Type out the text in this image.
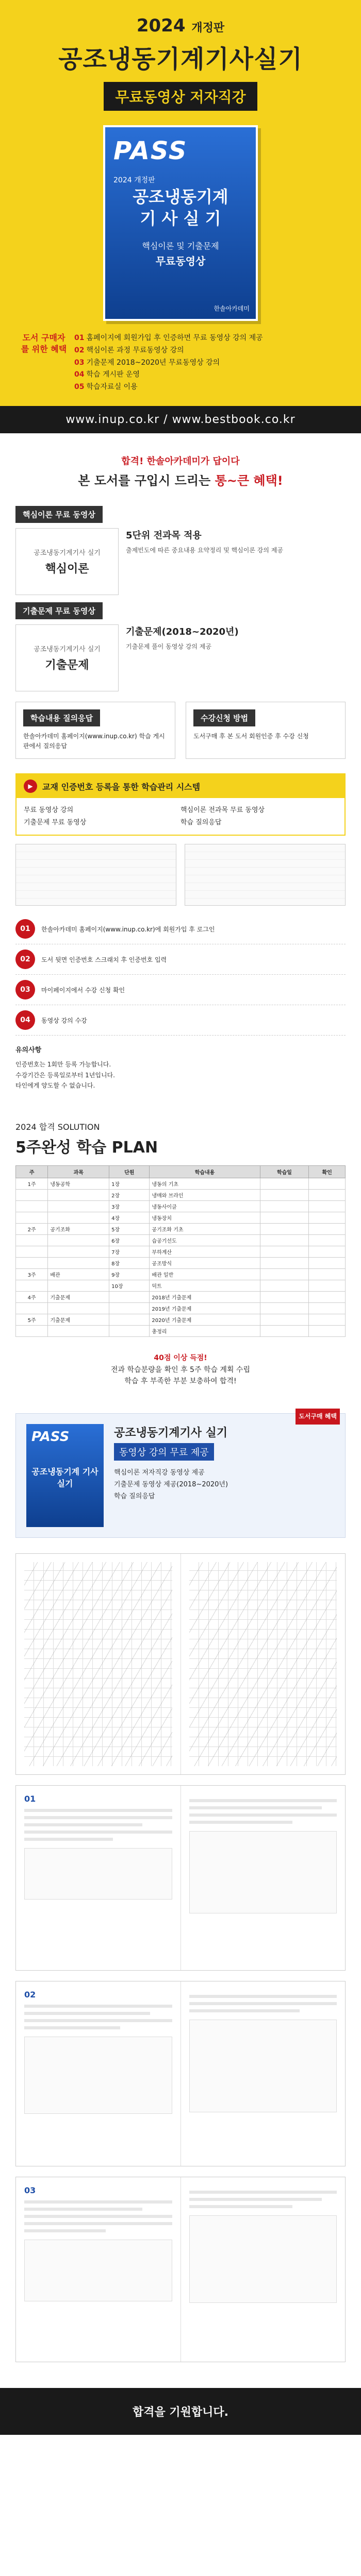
2024 개정판
공조냉동기계기사실기
무료동영상 저자직강
PASS
2024 개정판
공조냉동기계
기 사 실 기
핵심이론 및 기출문제
무료동영상
한솔아카데미
도서 구매자를 위한 혜택
01 홈페이지에 회원가입 후 인증하면 무료 동영상 강의 제공
02 핵심이론 과정 무료동영상 강의
03 기출문제 2018~2020년 무료동영상 강의
04 학습 게시판 운영
05 학습자료실 이용
www.inup.co.kr / www.bestbook.co.kr
합격! 한솔아카데미가 답이다
본 도서를 구입시 드리는 통~큰 혜택!
핵심이론 무료 동영상
공조냉동기계기사 실기
핵심이론
5단위 전과목 적용

출제빈도에 따른 중요내용 요약정리 및 핵심이론 강의 제공

기출문제 무료 동영상
공조냉동기계기사 실기
기출문제
기출문제(2018~2020년)

기출문제 풀이 동영상 강의 제공

학습내용 질의응답

한솔아카데미 홈페이지(www.inup.co.kr) 학습 게시판에서 질의응답

수강신청 방법

도서구매 후 본 도서 회원인증 후 수강 신청

▶	교재 인증번호 등록을 통한 학습관리 시스템
무료 동영상 강의	핵심이론 전과목 무료 동영상
기출문제 무료 동영상	학습 질의응답
01	한솔아카데미 홈페이지(www.inup.co.kr)에 회원가입 후 로그인
02	도서 뒷면 인증번호 스크래치 후 인증번호 입력
03	마이페이지에서 수강 신청 확인
04	동영상 강의 수강
유의사항
인증번호는 1회만 등록 가능합니다.
수강기간은 등록일로부터 1년입니다.
타인에게 양도할 수 없습니다.
2024 합격 SOLUTION
5주완성 학습 PLAN
주	과목	단원	학습내용	학습일	확인
1주	냉동공학	1장	냉동의 기초		
		2장	냉매와 브라인		
		3장	냉동사이클		
		4장	냉동장치		
2주	공기조화	5장	공기조화 기초		
		6장	습공기선도		
		7장	부하계산		
		8장	공조방식		
3주	배관	9장	배관 일반		
		10장	덕트		
4주	기출문제		2018년 기출문제		
			2019년 기출문제		
5주	기출문제		2020년 기출문제		
			총정리		
40점 이상 득점!
전과 학습분량을 확인 후 5주 학습 계획 수립
학습 후 부족한 부분 보충하여 합격!
도서구매 혜택
PASS
공조냉동기계 기사 실기
공조냉동기계기사 실기
동영상 강의 무료 제공
핵심이론 저자직강 동영상 제공
기출문제 동영상 제공(2018~2020년)
학습 질의응답
01
02
03
합격을 기원합니다.
